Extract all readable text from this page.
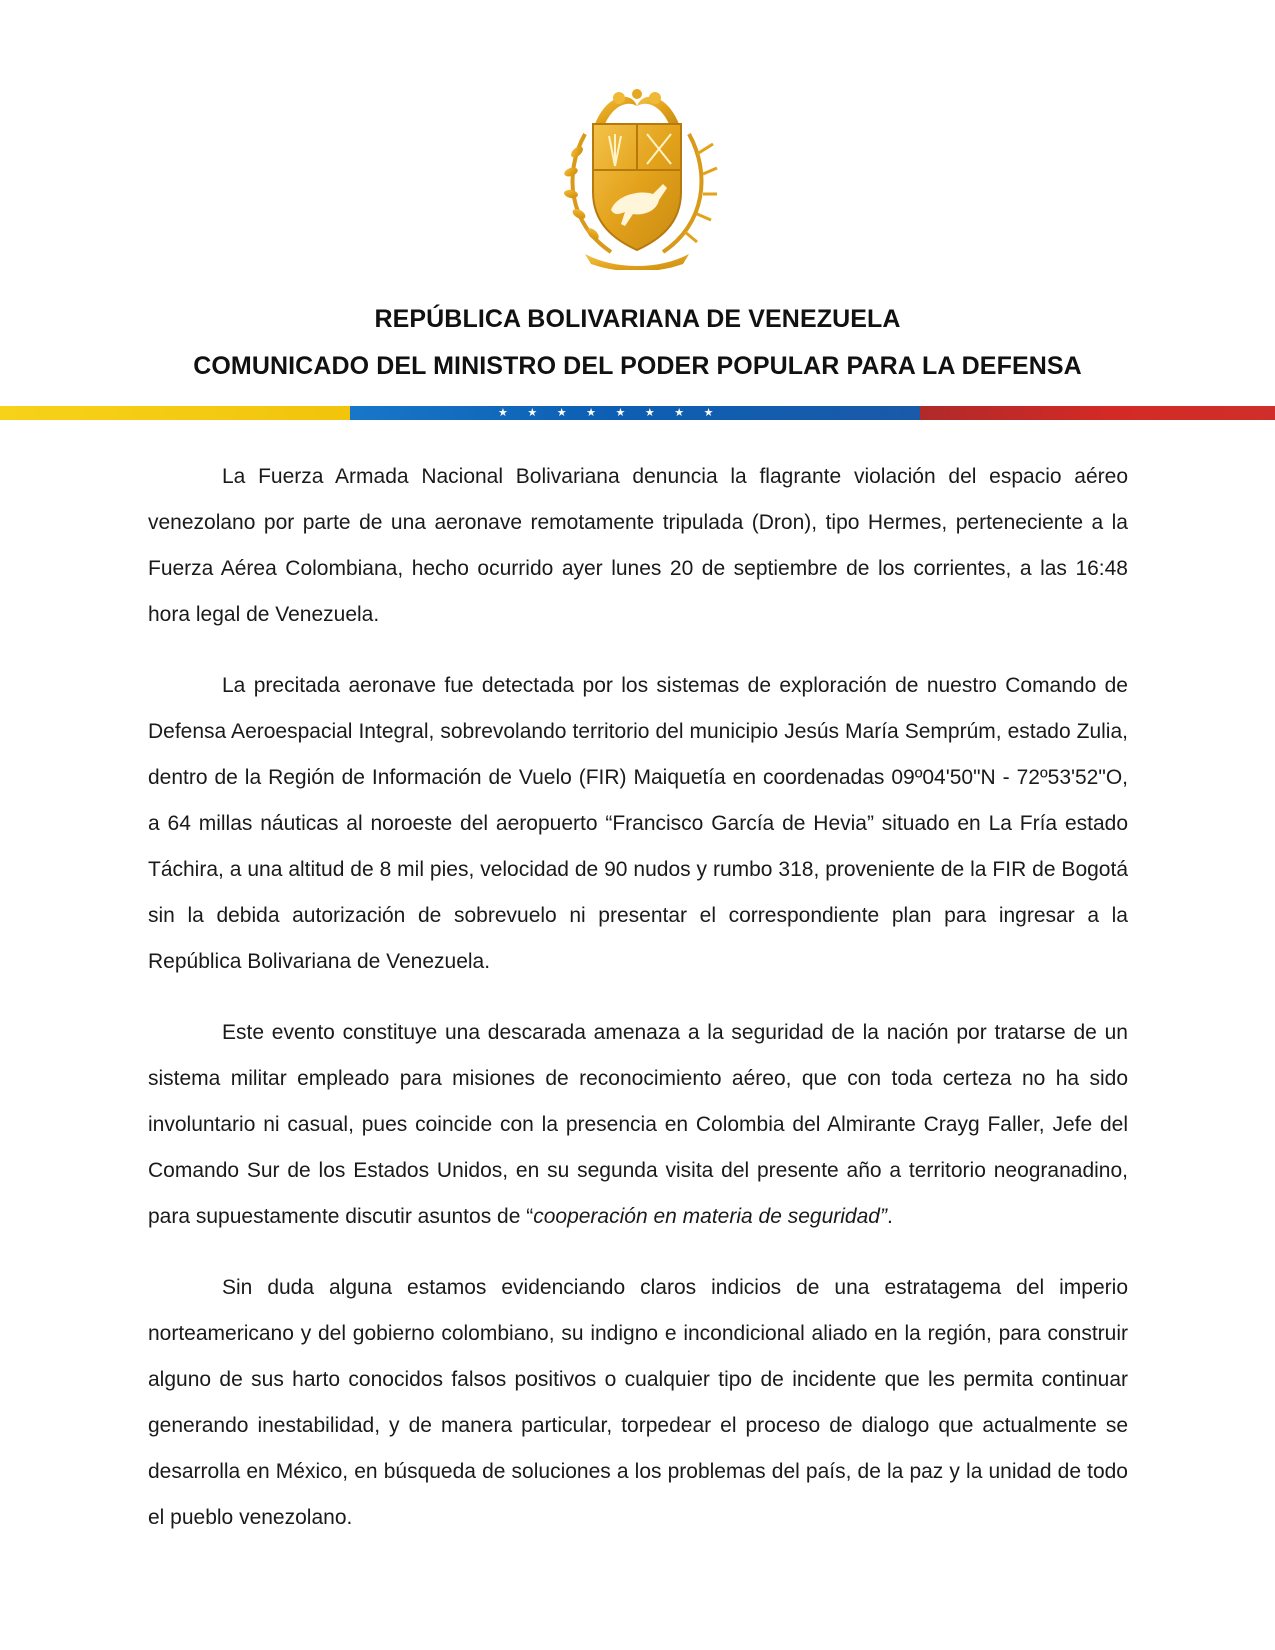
REPÚBLICA BOLIVARIANA DE VENEZUELA
COMUNICADO DEL MINISTRO DEL PODER POPULAR PARA LA DEFENSA
★ ★ ★ ★ ★ ★ ★ ★

La Fuerza Armada Nacional Bolivariana denuncia la flagrante violación del espacio aéreo venezolano por parte de una aeronave remotamente tripulada (Dron), tipo Hermes, perteneciente a la Fuerza Aérea Colombiana, hecho ocurrido ayer lunes 20 de septiembre de los corrientes, a las 16:48 hora legal de Venezuela.

La precitada aeronave fue detectada por los sistemas de exploración de nuestro Comando de Defensa Aeroespacial Integral, sobrevolando territorio del municipio Jesús María Semprúm, estado Zulia, dentro de la Región de Información de Vuelo (FIR) Maiquetía en coordenadas 09º04'50"N - 72º53'52"O, a 64 millas náuticas al noroeste del aeropuerto “Francisco García de Hevia” situado en La Fría estado Táchira, a una altitud de 8 mil pies, velocidad de 90 nudos y rumbo 318, proveniente de la FIR de Bogotá sin la debida autorización de sobrevuelo ni presentar el correspondiente plan para ingresar a la República Bolivariana de Venezuela.

Este evento constituye una descarada amenaza a la seguridad de la nación por tratarse de un sistema militar empleado para misiones de reconocimiento aéreo, que con toda certeza no ha sido involuntario ni casual, pues coincide con la presencia en Colombia del Almirante Crayg Faller, Jefe del Comando Sur de los Estados Unidos, en su segunda visita del presente año a territorio neogranadino, para supuestamente discutir asuntos de “cooperación en materia de seguridad”.

Sin duda alguna estamos evidenciando claros indicios de una estratagema del imperio norteamericano y del gobierno colombiano, su indigno e incondicional aliado en la región, para construir alguno de sus harto conocidos falsos positivos o cualquier tipo de incidente que les permita continuar generando inestabilidad, y de manera particular, torpedear el proceso de dialogo que actualmente se desarrolla en México, en búsqueda de soluciones a los problemas del país, de la paz y la unidad de todo el pueblo venezolano.
